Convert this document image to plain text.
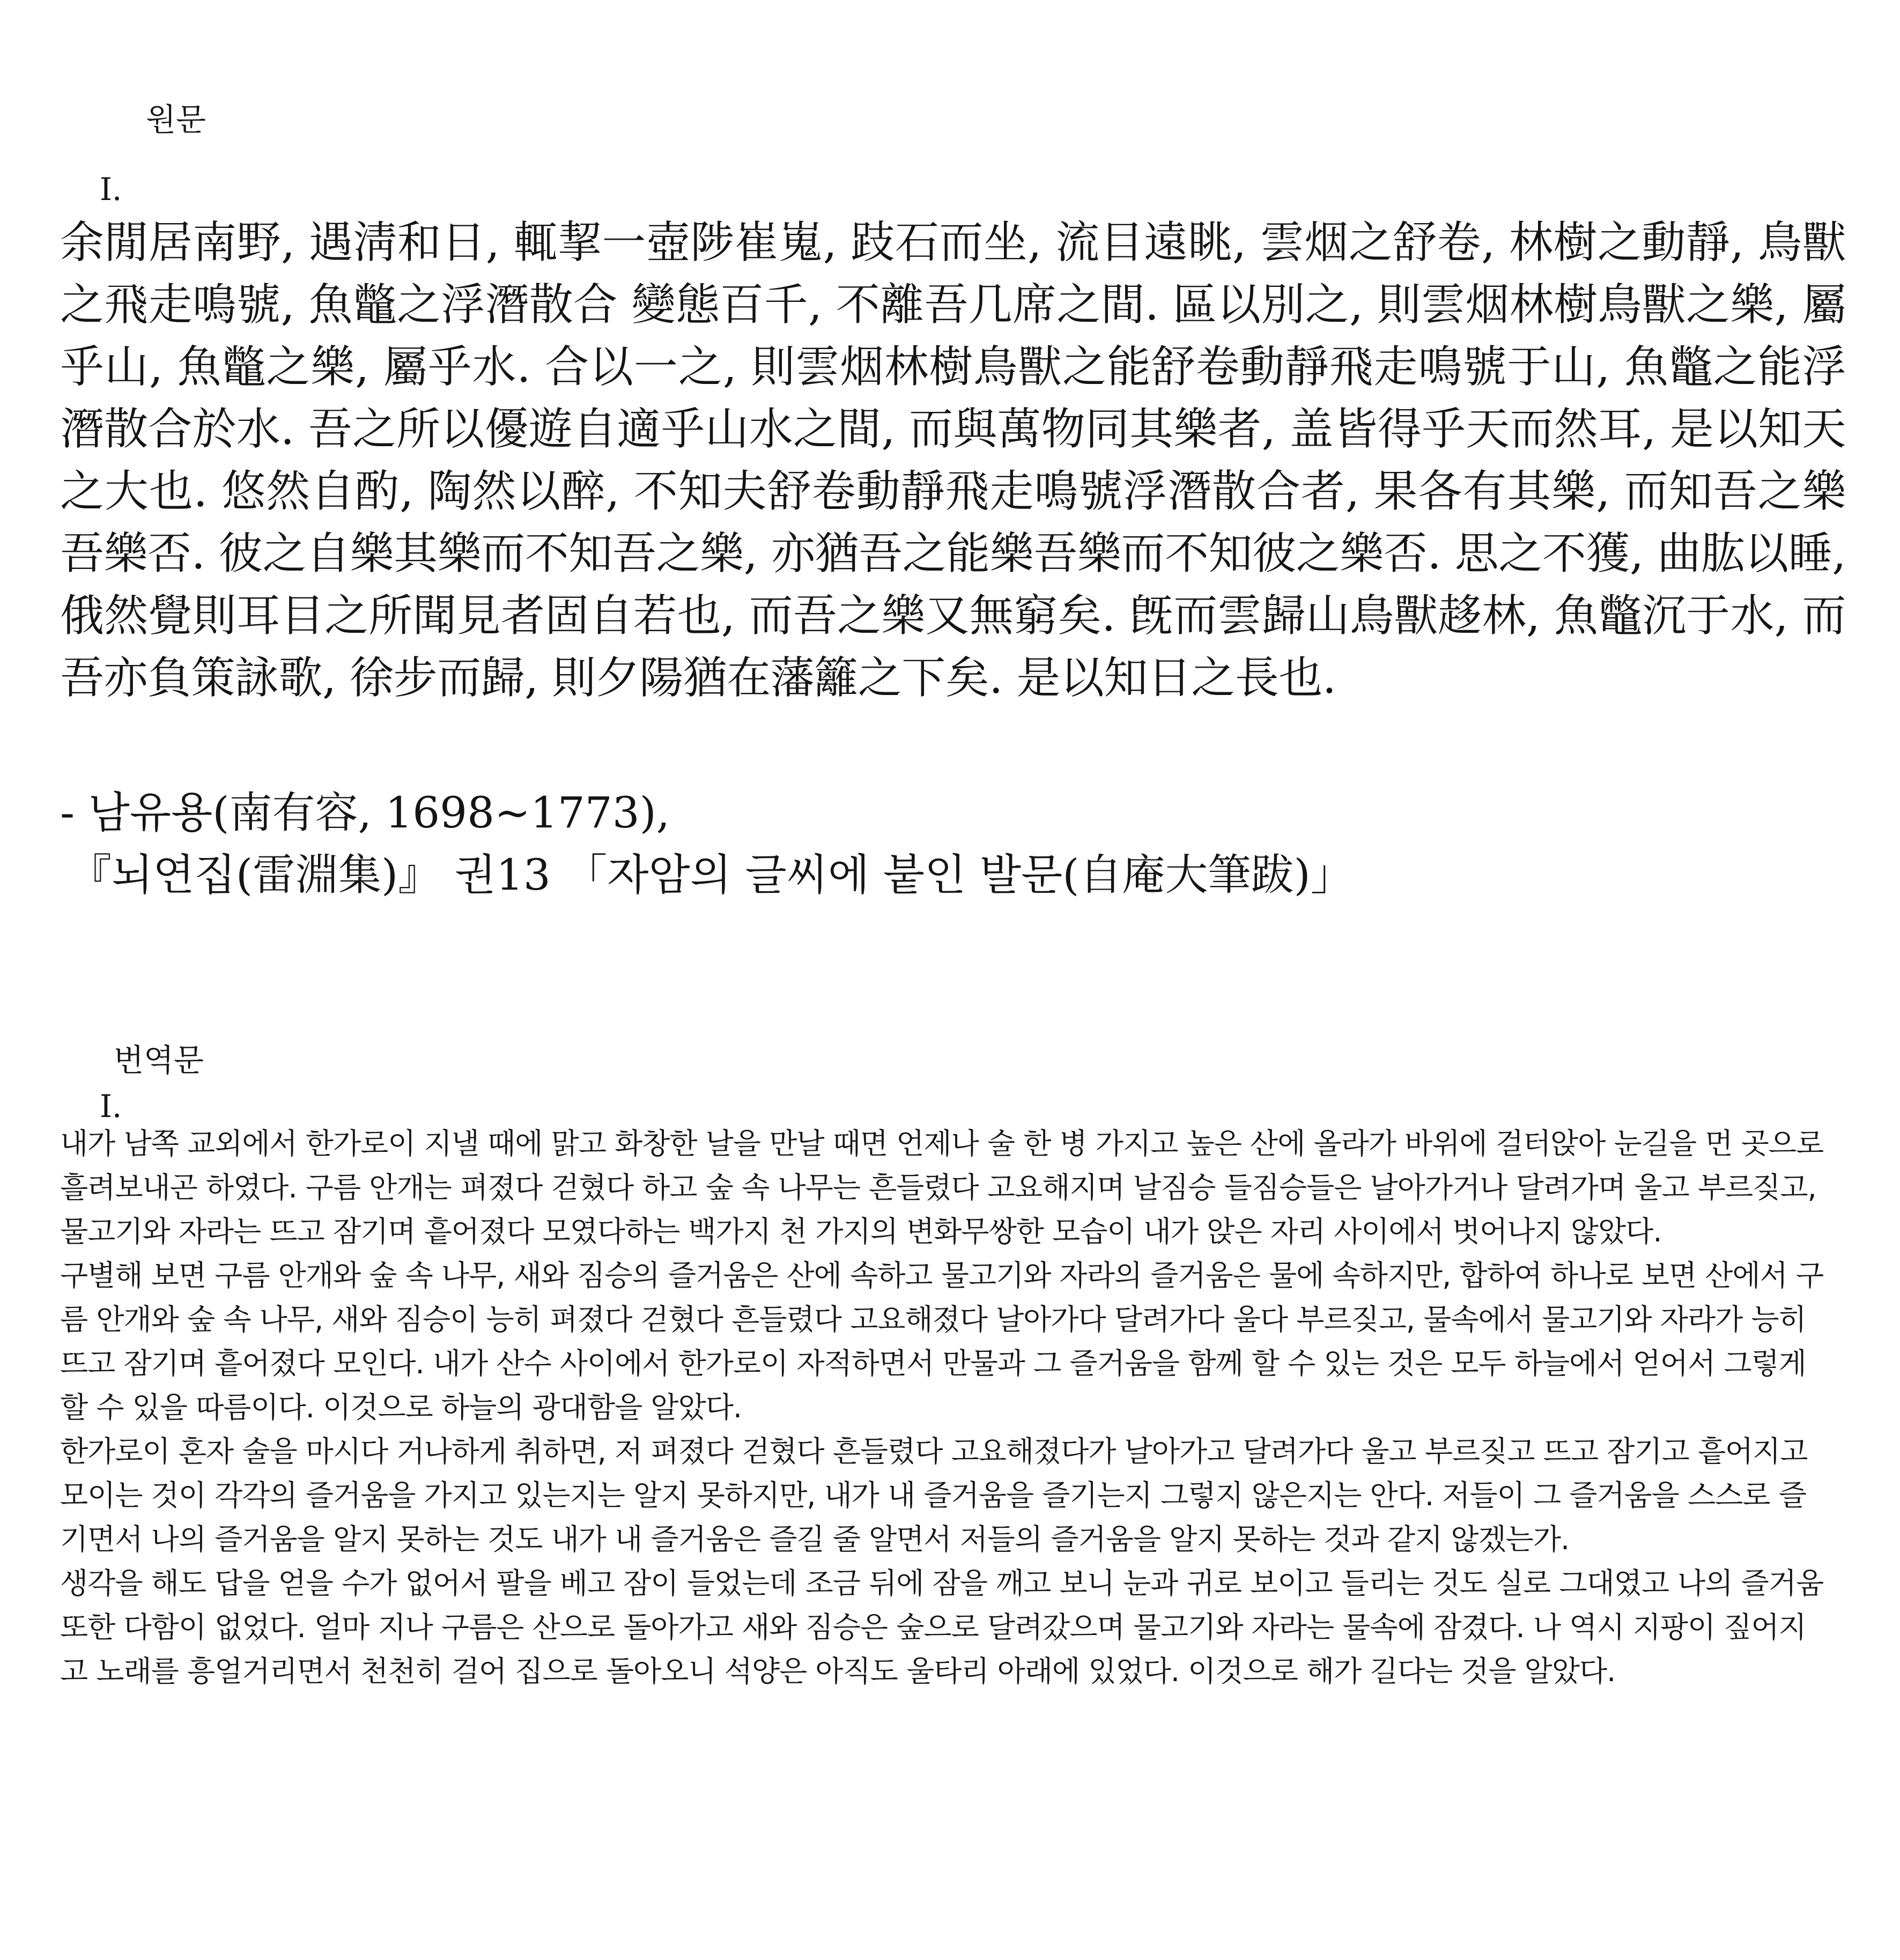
원문
Ⅰ.

余閒居南野, 遇淸和日, 輒挈一壺陟崔嵬, 跂石而坐, 流目遠眺, 雲烟之舒卷, 林樹之動靜, 鳥獸之飛走鳴號, 魚鼈之浮潛散合 變態百千, 不離吾几席之間. 區以別之, 則雲烟林樹鳥獸之樂, 屬乎山, 魚鼈之樂, 屬乎水. 合以一之, 則雲烟林樹鳥獸之能舒卷動靜飛走鳴號于山, 魚鼈之能浮潛散合於水. 吾之所以優遊自適乎山水之間, 而與萬物同其樂者, 盖皆得乎天而然耳, 是以知天之大也. 悠然自酌, 陶然以醉, 不知夫舒卷動靜飛走鳴號浮潛散合者, 果各有其樂, 而知吾之樂吾樂否. 彼之自樂其樂而不知吾之樂, 亦猶吾之能樂吾樂而不知彼之樂否. 思之不獲, 曲肱以睡, 俄然覺則耳目之所聞見者固自若也, 而吾之樂又無窮矣. 旣而雲歸山鳥獸趍林, 魚鼈沉于水, 而吾亦負策詠歌, 徐步而歸, 則夕陽猶在藩籬之下矣. 是以知日之長也.

- 남유용(南有容, 1698~1773),

『뇌연집(雷淵集)』 권13 「자암의 글씨에 붙인 발문(自庵大筆跋)」

번역문
Ⅰ.

내가 남쪽 교외에서 한가로이 지낼 때에 맑고 화창한 날을 만날 때면 언제나 술 한 병 가지고 높은 산에 올라가 바위에 걸터앉아 눈길을 먼 곳으로 흘려보내곤 하였다. 구름 안개는 펴졌다 걷혔다 하고 숲 속 나무는 흔들렸다 고요해지며 날짐승 들짐승들은 날아가거나 달려가며 울고 부르짖고, 물고기와 자라는 뜨고 잠기며 흩어졌다 모였다하는 백가지 천 가지의 변화무쌍한 모습이 내가 앉은 자리 사이에서 벗어나지 않았다.

구별해 보면 구름 안개와 숲 속 나무, 새와 짐승의 즐거움은 산에 속하고 물고기와 자라의 즐거움은 물에 속하지만, 합하여 하나로 보면 산에서 구름 안개와 숲 속 나무, 새와 짐승이 능히 펴졌다 걷혔다 흔들렸다 고요해졌다 날아가다 달려가다 울다 부르짖고, 물속에서 물고기와 자라가 능히 뜨고 잠기며 흩어졌다 모인다. 내가 산수 사이에서 한가로이 자적하면서 만물과 그 즐거움을 함께 할 수 있는 것은 모두 하늘에서 얻어서 그렇게 할 수 있을 따름이다. 이것으로 하늘의 광대함을 알았다.

한가로이 혼자 술을 마시다 거나하게 취하면, 저 펴졌다 걷혔다 흔들렸다 고요해졌다가 날아가고 달려가다 울고 부르짖고 뜨고 잠기고 흩어지고 모이는 것이 각각의 즐거움을 가지고 있는지는 알지 못하지만, 내가 내 즐거움을 즐기는지 그렇지 않은지는 안다. 저들이 그 즐거움을 스스로 즐기면서 나의 즐거움을 알지 못하는 것도 내가 내 즐거움은 즐길 줄 알면서 저들의 즐거움을 알지 못하는 것과 같지 않겠는가.

생각을 해도 답을 얻을 수가 없어서 팔을 베고 잠이 들었는데 조금 뒤에 잠을 깨고 보니 눈과 귀로 보이고 들리는 것도 실로 그대였고 나의 즐거움 또한 다함이 없었다. 얼마 지나 구름은 산으로 돌아가고 새와 짐승은 숲으로 달려갔으며 물고기와 자라는 물속에 잠겼다. 나 역시 지팡이 짚어지고 노래를 흥얼거리면서 천천히 걸어 집으로 돌아오니 석양은 아직도 울타리 아래에 있었다. 이것으로 해가 길다는 것을 알았다.
